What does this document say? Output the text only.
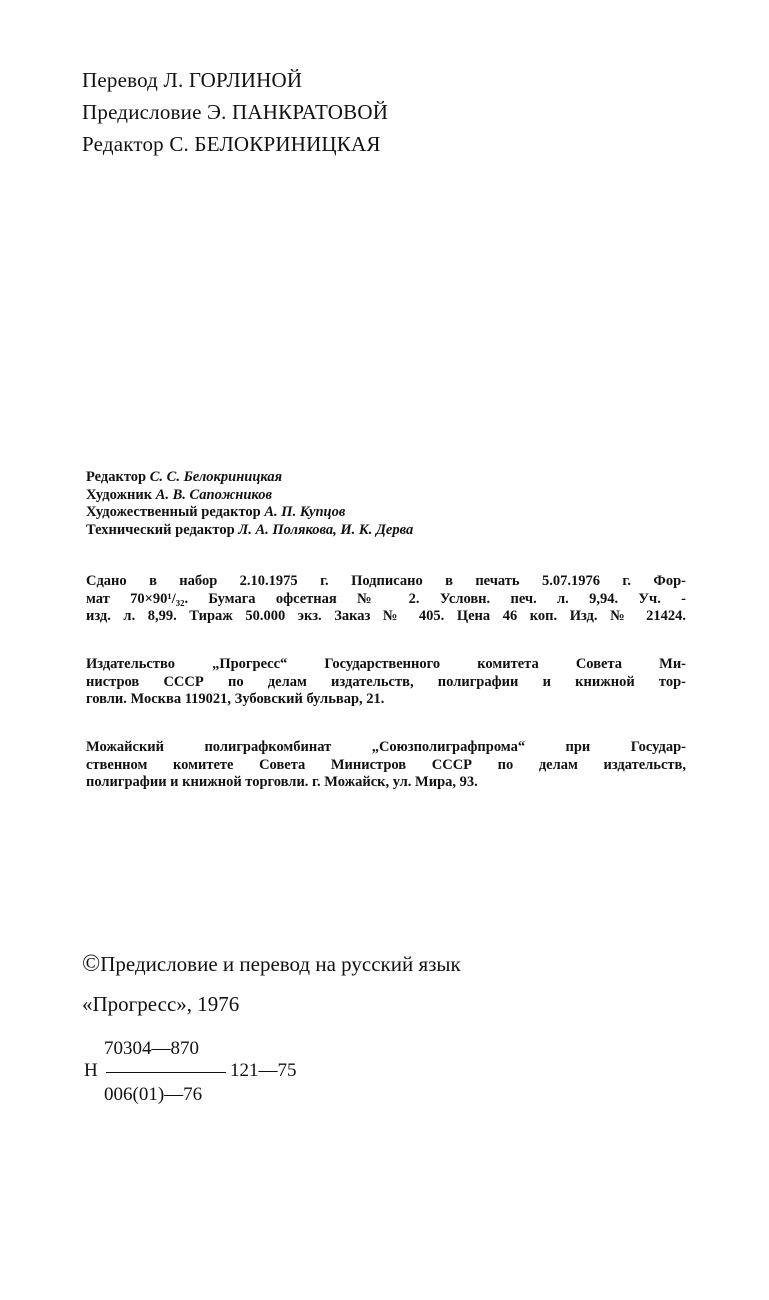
Перевод Л. ГОРЛИНОЙ
Предисловие Э. ПАНКРАТОВОЙ
Редактор С. БЕЛОКРИНИЦКАЯ
Редактор С. С. Белокриницкая
Художник А. В. Сапожников
Художественный редактор А. П. Купцов
Технический редактор Л. А. Полякова, И. К. Дерва
Сдано в набор 2.10.1975 г. Подписано в печать 5.07.1976 г. Фор-
мат 70×90¹/₃₂. Бумага офсетная № 2. Условн. печ. л. 9,94. Уч. -
изд. л. 8,99. Тираж 50.000 экз. Заказ № 405. Цена 46 коп. Изд. № 21424.
Издательство „Прогресс“ Государственного комитета Совета Ми-
нистров СССР по делам издательств, полиграфии и книжной тор-
говли. Москва 119021, Зубовский бульвар, 21.
Можайский полиграфкомбинат „Союзполиграфпрома“ при Государ-
ственном комитете Совета Министров СССР по делам издательств,
полиграфии и книжной торговли. г. Можайск, ул. Мира, 93.
©Предисловие и перевод на русский язык
«Прогресс», 1976
70304—870
Н	121—75
006(01)—76
